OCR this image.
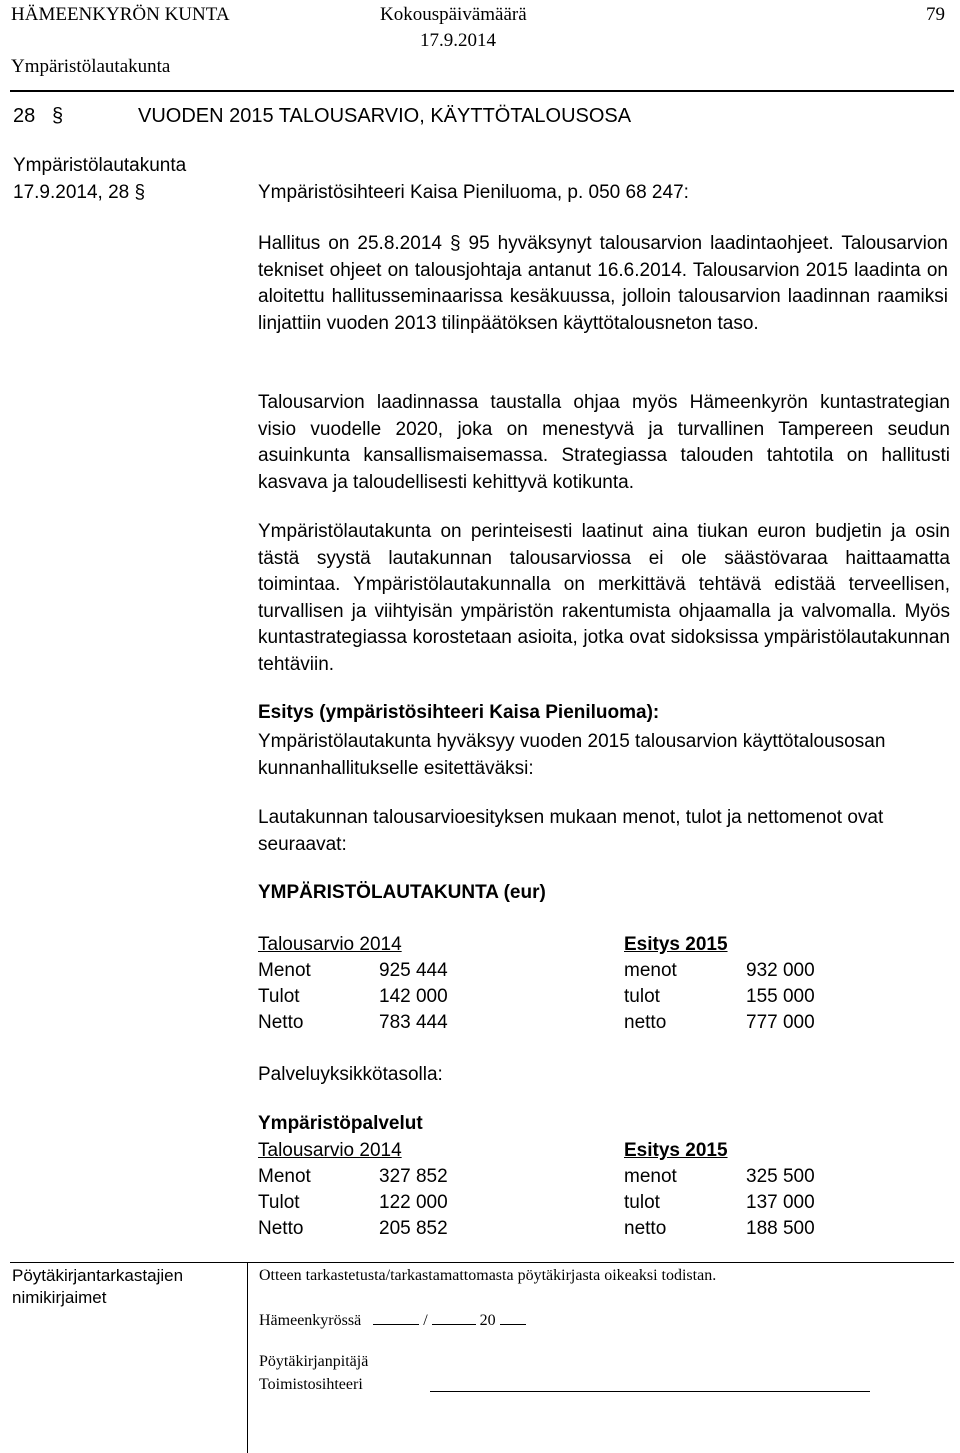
HÄMEENKYRÖN KUNTA	Kokouspäivämäärä
17.9.2014
79
Ympäristölautakunta
28 §	VUODEN 2015 TALOUSARVIO, KÄYTTÖTALOUSOSA
Ympäristölautakunta
17.9.2014, 28 §	Ympäristösihteeri Kaisa Pieniluoma, p. 050 68 247:

Hallitus on 25.8.2014 § 95 hyväksynyt talousarvion laadintaohjeet. Talousarvion tekniset ohjeet on talousjohtaja antanut 16.6.2014. Talousarvion 2015 laadinta on aloitettu hallitusseminaarissa kesäkuussa, jolloin talousarvion laadinnan raamiksi linjattiin vuoden 2013 tilinpäätöksen käyttötalousneton taso.

Talousarvion laadinnassa taustalla ohjaa myös Hämeenkyrön kuntastrategian visio vuodelle 2020, joka on menestyvä ja turvallinen Tampereen seudun asuinkunta kansallismaisemassa. Strategiassa talouden tahtotila on hallitusti kasvava ja taloudellisesti kehittyvä kotikunta.

Ympäristölautakunta on perinteisesti laatinut aina tiukan euron budjetin ja osin tästä syystä lautakunnan talousarviossa ei ole säästövaraa haittaamatta toimintaa. Ympäristölautakunnalla on merkittävä tehtävä edistää terveellisen, turvallisen ja viihtyisän ympäristön rakentumista ohjaamalla ja valvomalla. Myös kuntastrategiassa korostetaan asioita, jotka ovat sidoksissa ympäristölautakunnan tehtäviin.

Esitys (ympäristösihteeri Kaisa Pieniluoma):

Ympäristölautakunta hyväksyy vuoden 2015 talousarvion käyttötalousosan kunnanhallitukselle esitettäväksi:

Lautakunnan talousarvioesityksen mukaan menot, tulot ja nettomenot ovat seuraavat:

YMPÄRISTÖLAUTAKUNTA (eur)
Talousarvio 2014		Esitys 2015	
Menot	925 444	menot	932 000
Tulot	142 000	tulot	155 000
Netto	783 444	netto	777 000
Palveluyksikkötasolla:
Ympäristöpalvelut
Talousarvio 2014		Esitys 2015	
Menot	327 852	menot	325 500
Tulot	122 000	tulot	137 000
Netto	205 852	netto	188 500
Pöytäkirjantarkastajien
nimikirjaimet
Otteen tarkastetusta/tarkastamattomasta pöytäkirjasta oikeaksi todistan.
Hämeenkyrössä	/	20
Pöytäkirjanpitäjä
Toimistosihteeri
